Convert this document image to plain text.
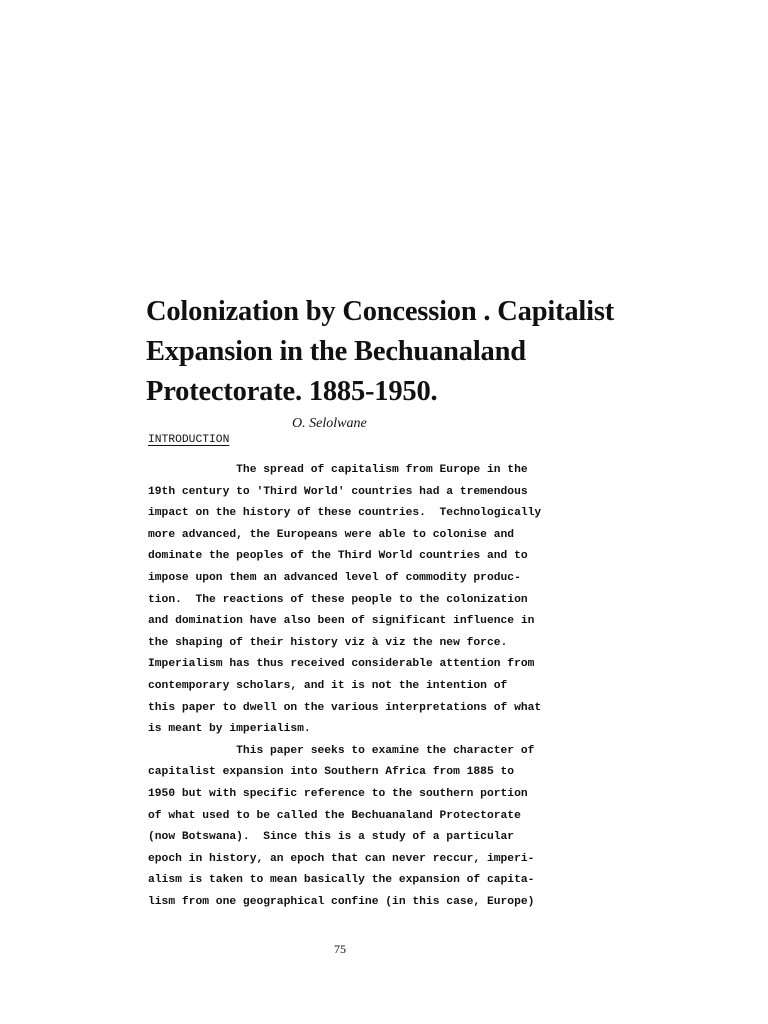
Colonization by Concession . Capitalist
Expansion in the Bechuanaland
Protectorate. 1885-1950.
O. Selolwane
INTRODUCTION
The spread of capitalism from Europe in the
19th century to 'Third World' countries had a tremendous
impact on the history of these countries.  Technologically
more advanced, the Europeans were able to colonise and
dominate the peoples of the Third World countries and to
impose upon them an advanced level of commodity produc-
tion.  The reactions of these people to the colonization
and domination have also been of significant influence in
the shaping of their history viz à viz the new force.
Imperialism has thus received considerable attention from
contemporary scholars, and it is not the intention of
this paper to dwell on the various interpretations of what
is meant by imperialism.
This paper seeks to examine the character of
capitalist expansion into Southern Africa from 1885 to
1950 but with specific reference to the southern portion
of what used to be called the Bechuanaland Protectorate
(now Botswana).  Since this is a study of a particular
epoch in history, an epoch that can never reccur, imperi-
alism is taken to mean basically the expansion of capita-
lism from one geographical confine (in this case, Europe)
75
